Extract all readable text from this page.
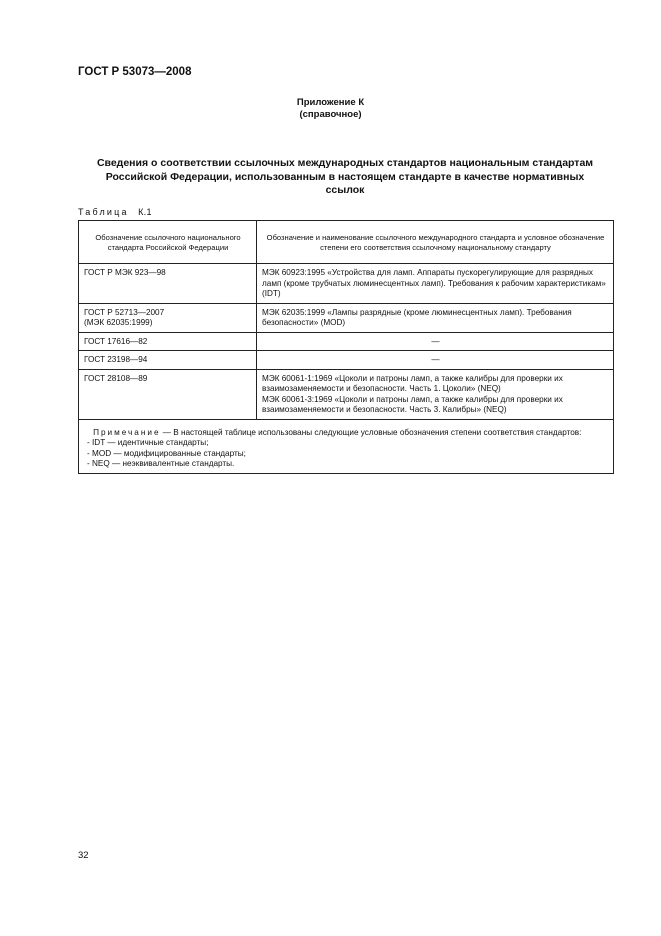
ГОСТ Р 53073—2008
Приложение К
(справочное)
Сведения о соответствии ссылочных международных стандартов национальным стандартам
Российской Федерации, использованным в настоящем стандарте в качестве нормативных
ссылок
Таблица К.1
Обозначение ссылочного национального стандарта Российской Федерации	Обозначение и наименование ссылочного международного стандарта и условное обозначение степени его соответствия ссылочному национальному стандарту

ГОСТ Р МЭК 923—98	МЭК 60923:1995 «Устройства для ламп. Аппараты пускорегулирующие для разрядных ламп (кроме трубчатых люминесцентных ламп). Требования к рабочим характеристикам» (IDT)

ГОСТ Р 52713—2007
(МЭК 62035:1999)	МЭК 62035:1999 «Лампы разрядные (кроме люминесцентных ламп). Требования безопасности» (MOD)

ГОСТ 17616—82	—

ГОСТ 23198—94	—

ГОСТ 28108—89	МЭК 60061-1:1969 «Цоколи и патроны ламп, а также калибры для проверки их взаимозаменяемости и безопасности. Часть 1. Цоколи» (NEQ)
МЭК 60061-3:1969 «Цоколи и патроны ламп, а также калибры для проверки их взаимозаменяемости и безопасности. Часть 3. Калибры» (NEQ)

Примечание — В настоящей таблице использованы следующие условные обозначения степени соответствия стандартов:
- IDT — идентичные стандарты;
- MOD — модифицированные стандарты;
- NEQ — неэквивалентные стандарты.	
32
